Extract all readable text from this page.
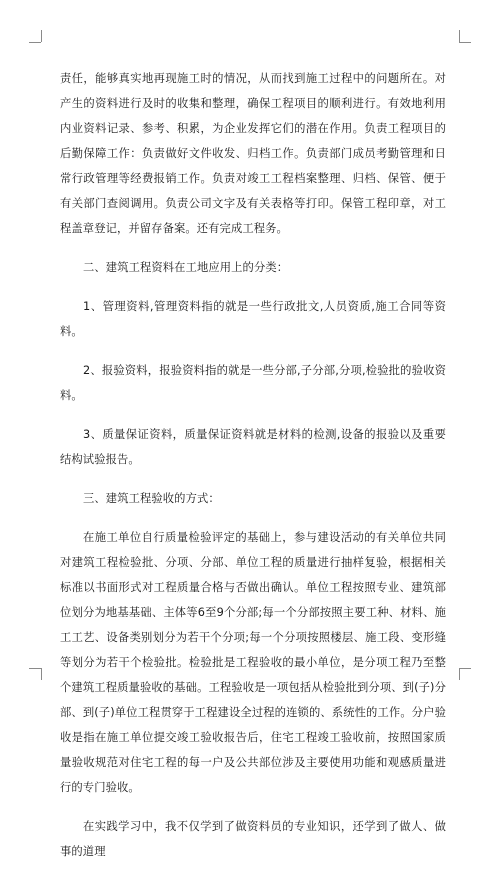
责任，能够真实地再现施工时的情况，从而找到施工过程中的问题所在。对产生的资料进行及时的收集和整理，确保工程项目的顺利进行。有效地利用内业资料记录、参考、积累，为企业发挥它们的潜在作用。负责工程项目的后勤保障工作：负责做好文件收发、归档工作。负责部门成员考勤管理和日常行政管理等经费报销工作。负责对竣工工程档案整理、归档、保管、便于有关部门查阅调用。负责公司文字及有关表格等打印。保管工程印章，对工程盖章登记，并留存备案。还有完成工程务。

二、建筑工程资料在工地应用上的分类：

1、管理资料,管理资料指的就是一些行政批文,人员资质,施工合同等资料。

2、报验资料，报验资料指的就是一些分部,子分部,分项,检验批的验收资料。

3、质量保证资料，质量保证资料就是材料的检测,设备的报验以及重要结构试验报告。

三、建筑工程验收的方式：

在施工单位自行质量检验评定的基础上，参与建设活动的有关单位共同对建筑工程检验批、分项、分部、单位工程的质量进行抽样复验，根据相关标准以书面形式对工程质量合格与否做出确认。单位工程按照专业、建筑部位划分为地基基础、主体等6至9个分部;每一个分部按照主要工种、材料、施工工艺、设备类别划分为若干个分项;每一个分项按照楼层、施工段、变形缝等划分为若干个检验批。检验批是工程验收的最小单位，是分项工程乃至整个建筑工程质量验收的基础。工程验收是一项包括从检验批到分项、到(子)分部、到(子)单位工程贯穿于工程建设全过程的连锁的、系统性的工作。分户验收是指在施工单位提交竣工验收报告后，住宅工程竣工验收前，按照国家质量验收规范对住宅工程的每一户及公共部位涉及主要使用功能和观感质量进行的专门验收。

在实践学习中，我不仅学到了做资料员的专业知识，还学到了做人、做事的道理
